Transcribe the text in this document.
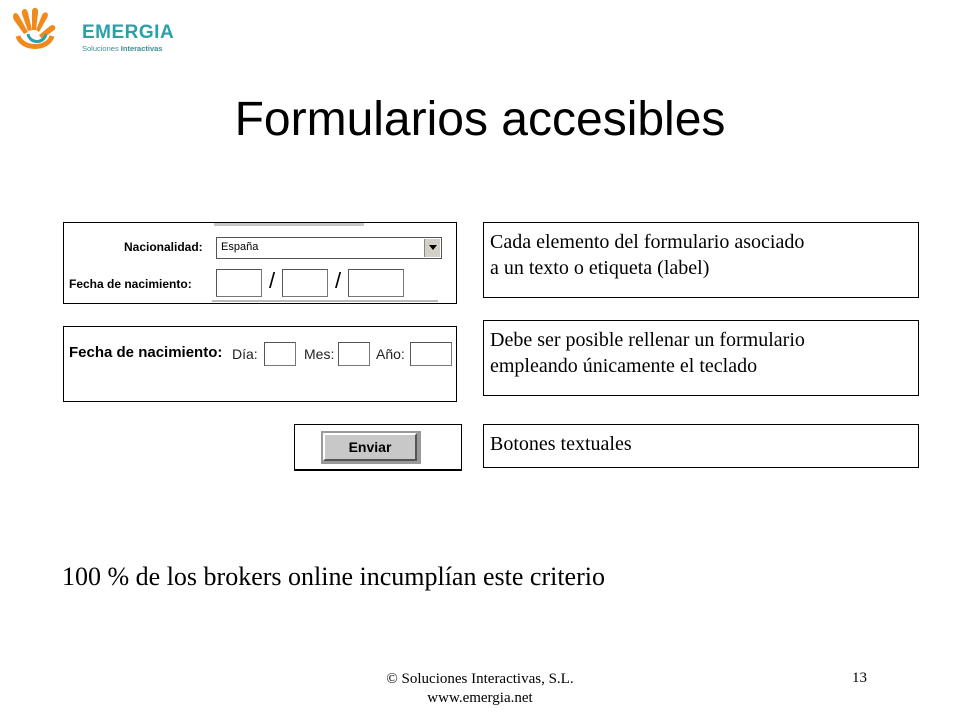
EMERGIA
Soluciones Interactivas
Formularios accesibles
Nacionalidad: España
Fecha de nacimiento:	/	/
Fecha de nacimiento: Día:	Mes:	Año:
Enviar
Cada elemento del formulario asociado
a un texto o etiqueta (label)
Debe ser posible rellenar un formulario
empleando únicamente el teclado
Botones textuales
100 % de los brokers online incumplían este criterio
© Soluciones Interactivas, S.L.
www.emergia.net
13
